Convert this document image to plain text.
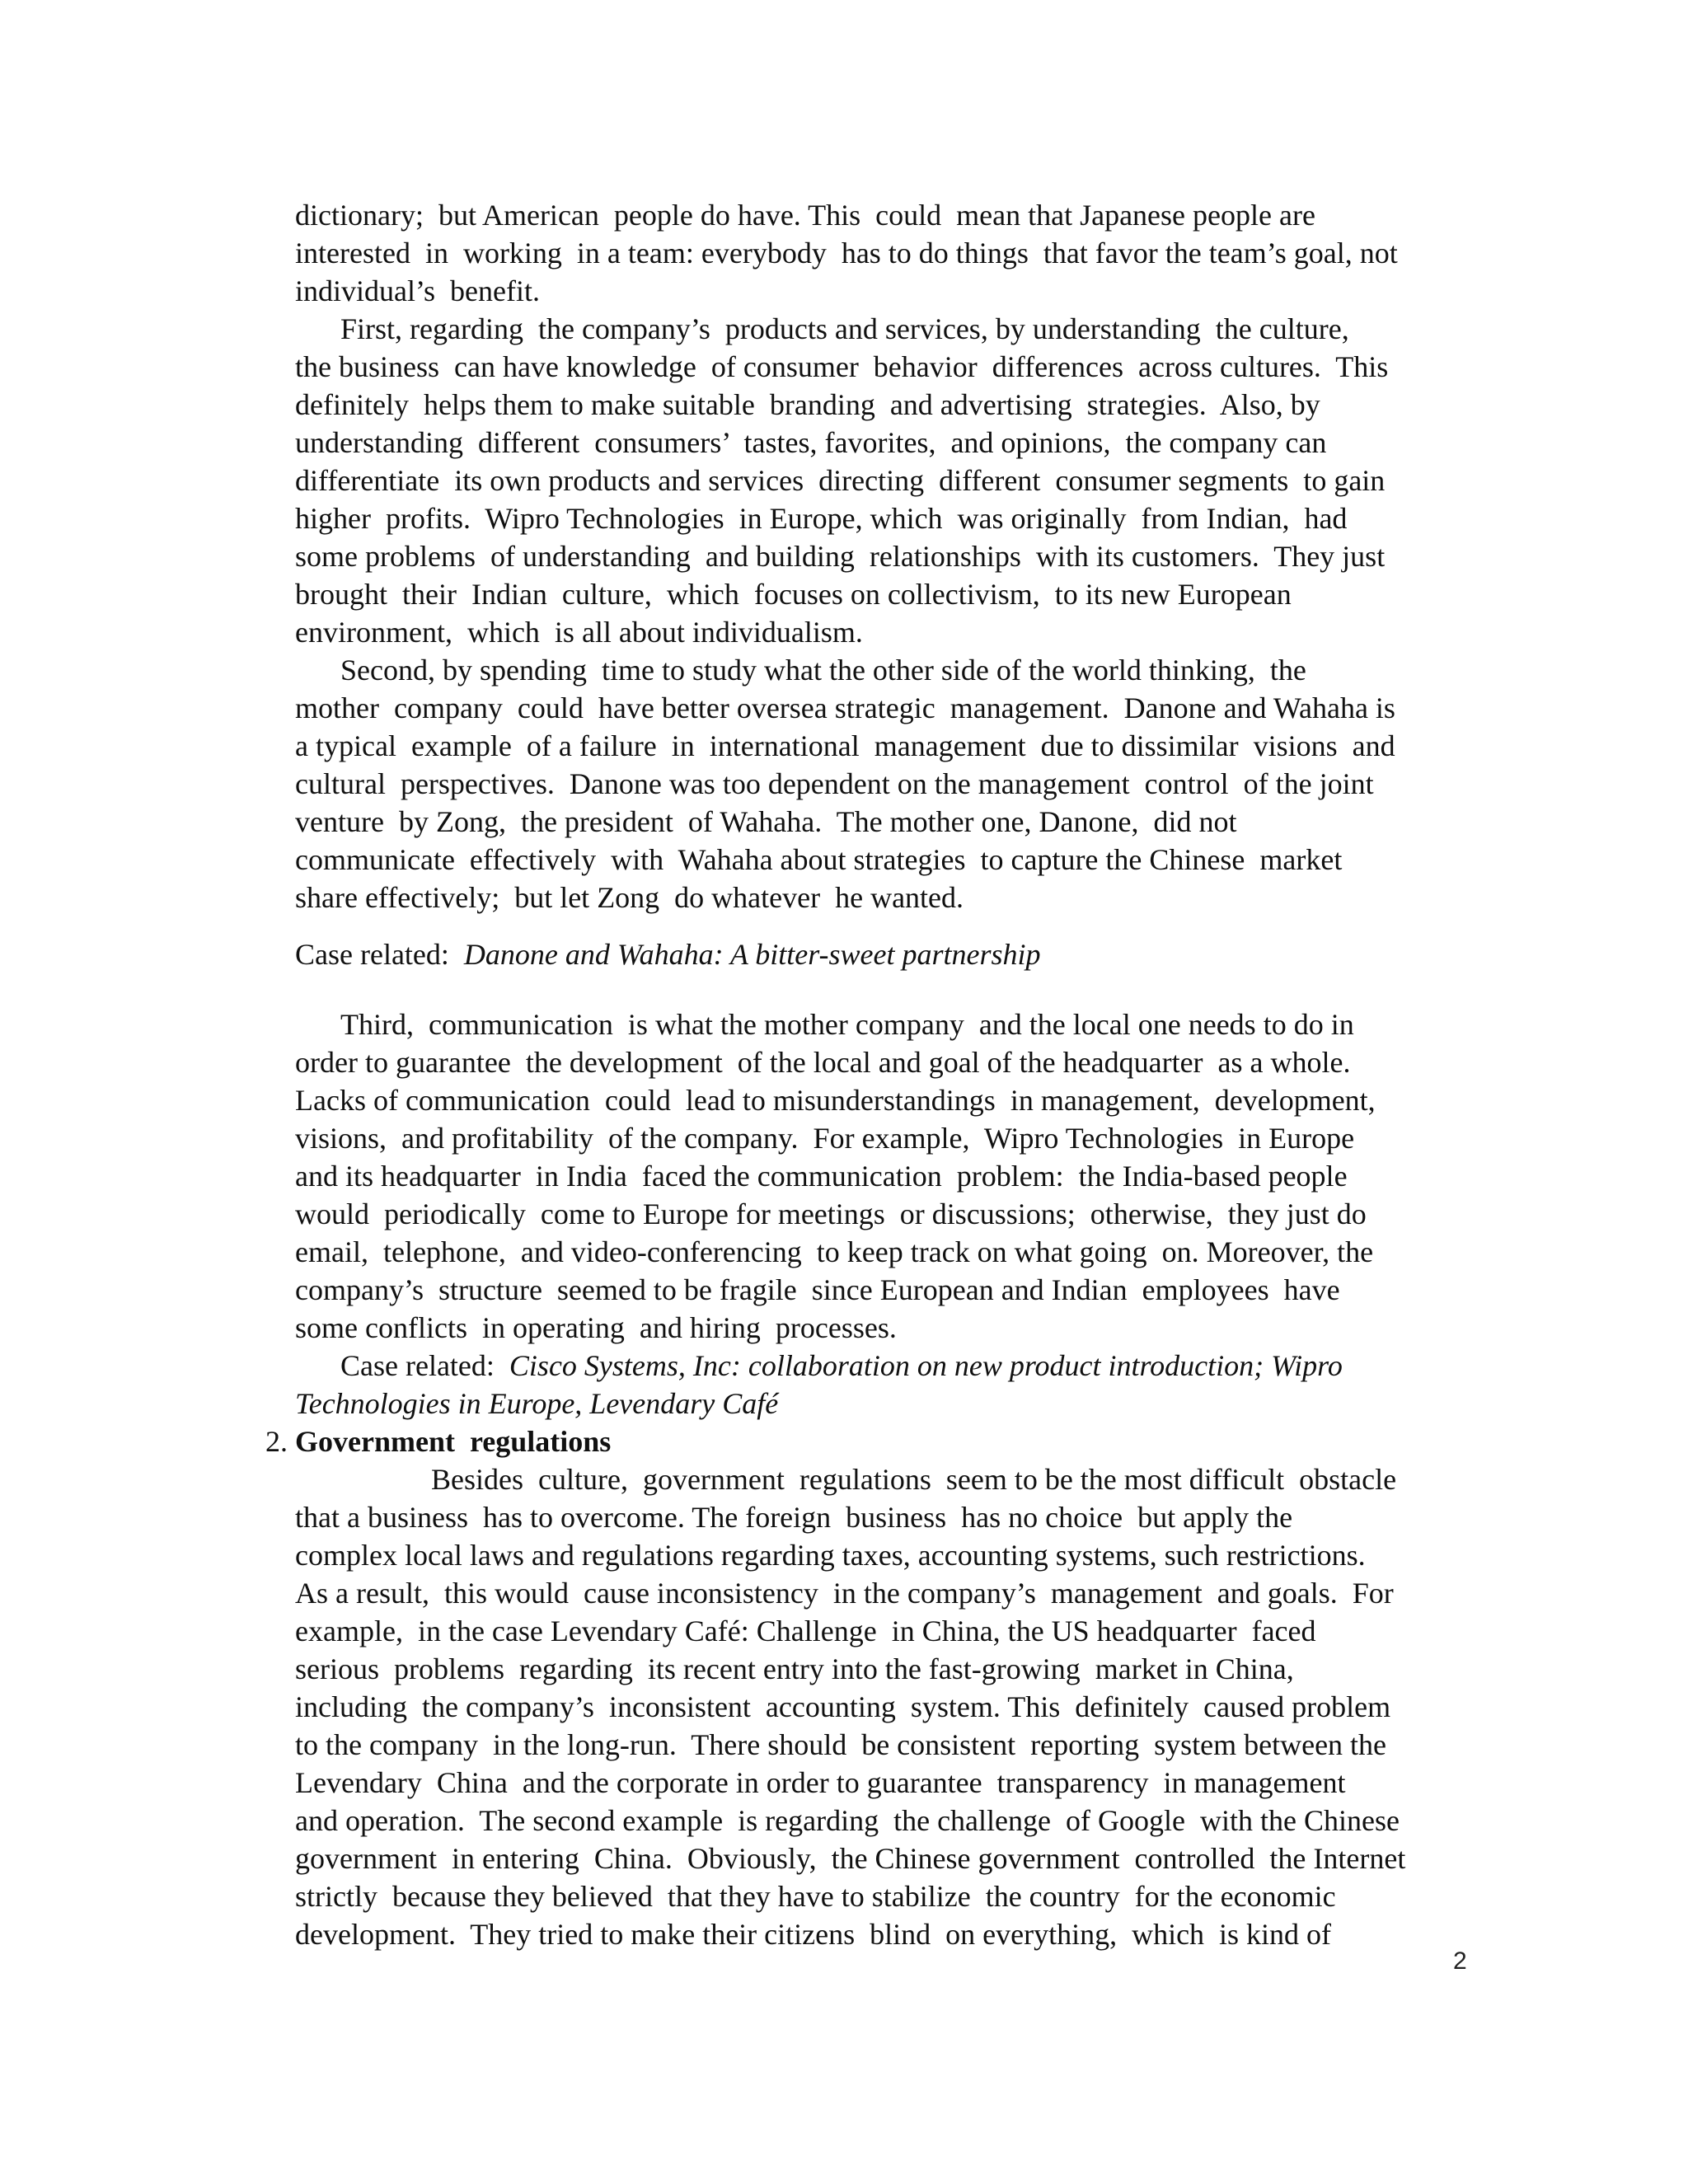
dictionary;  but American  people do have. This  could  mean that Japanese people are

interested  in  working  in a team: everybody  has to do things  that favor the team’s goal, not

individual’s  benefit.

First, regarding  the company’s  products and services, by understanding  the culture,

the business  can have knowledge  of consumer  behavior  differences  across cultures.  This

definitely  helps them to make suitable  branding  and advertising  strategies.  Also, by

understanding  different  consumers’  tastes, favorites,  and opinions,  the company can

differentiate  its own products and services  directing  different  consumer segments  to gain

higher  profits.  Wipro Technologies  in Europe, which  was originally  from Indian,  had

some problems  of understanding  and building  relationships  with its customers.  They just

brought  their  Indian  culture,  which  focuses on collectivism,  to its new European

environment,  which  is all about individualism.

Second, by spending  time to study what the other side of the world thinking,  the

mother  company  could  have better oversea strategic  management.  Danone and Wahaha is

a typical  example  of a failure  in  international  management  due to dissimilar  visions  and

cultural  perspectives.  Danone was too dependent on the management  control  of the joint

venture  by Zong,  the president  of Wahaha.  The mother one, Danone,  did not

communicate  effectively  with  Wahaha about strategies  to capture the Chinese  market

share effectively;  but let Zong  do whatever  he wanted.

Case related: Danone and Wahaha: A bitter-sweet partnership

Third,  communication  is what the mother company  and the local one needs to do in

order to guarantee  the development  of the local and goal of the headquarter  as a whole.

Lacks of communication  could  lead to misunderstandings  in management,  development,

visions,  and profitability  of the company.  For example,  Wipro Technologies  in Europe

and its headquarter  in India  faced the communication  problem:  the India-based people

would  periodically  come to Europe for meetings  or discussions;  otherwise,  they just do

email,  telephone,  and video-conferencing  to keep track on what going  on. Moreover, the

company’s  structure  seemed to be fragile  since European and Indian  employees  have

some conflicts  in operating  and hiring  processes.

Case related: Cisco Systems, Inc: collaboration on new product introduction; Wipro

Technologies in Europe, Levendary Café

2. Government  regulations

Besides  culture,  government  regulations  seem to be the most difficult  obstacle

that a business  has to overcome. The foreign  business  has no choice  but apply the

complex local laws and regulations regarding taxes, accounting systems, such restrictions.

As a result,  this would  cause inconsistency  in the company’s  management  and goals.  For

example,  in the case Levendary Café: Challenge  in China, the US headquarter  faced

serious  problems  regarding  its recent entry into the fast-growing  market in China,

including  the company’s  inconsistent  accounting  system. This  definitely  caused problem

to the company  in the long-run.  There should  be consistent  reporting  system between the

Levendary  China  and the corporate in order to guarantee  transparency  in management

and operation.  The second example  is regarding  the challenge  of Google  with the Chinese

government  in entering  China.  Obviously,  the Chinese government  controlled  the Internet

strictly  because they believed  that they have to stabilize  the country  for the economic

development.  They tried to make their citizens  blind  on everything,  which  is kind of

2
